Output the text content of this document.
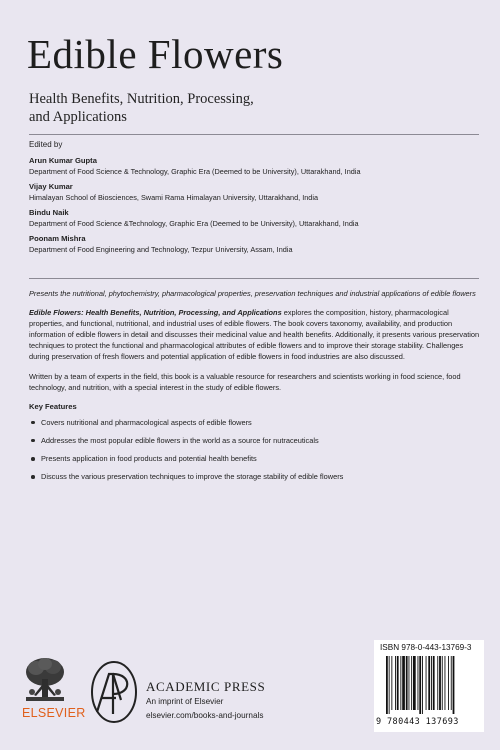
Edible Flowers
Health Benefits, Nutrition, Processing,
and Applications
Edited by
Arun Kumar Gupta
Department of Food Science & Technology, Graphic Era (Deemed to be University), Uttarakhand, India
Vijay Kumar
Himalayan School of Biosciences, Swami Rama Himalayan University, Uttarakhand, India
Bindu Naik
Department of Food Science &Technology, Graphic Era (Deemed to be University), Uttarakhand, India
Poonam Mishra
Department of Food Engineering and Technology, Tezpur University, Assam, India

Presents the nutritional, phytochemistry, pharmacological properties, preservation techniques and industrial applications of edible flowers

Edible Flowers: Health Benefits, Nutrition, Processing, and Applications explores the composition, history, pharmacological properties, and functional, nutritional, and industrial uses of edible flowers. The book covers taxonomy, availability, and production information of edible flowers in detail and discusses their medicinal value and health benefits. Additionally, it presents various preservation techniques to protect the functional and pharmacological attributes of edible flowers and to improve their storage stability. Challenges during preservation of fresh flowers and potential application of edible flowers in food industries are also discussed.

Written by a team of experts in the field, this book is a valuable resource for researchers and scientists working in food science, food technology, and nutrition, with a special interest in the study of edible flowers.

Key Features
Covers nutritional and pharmacological aspects of edible flowers
Addresses the most popular edible flowers in the world as a source for nutraceuticals
Presents application in food products and potential health benefits
Discuss the various preservation techniques to improve the storage stability of edible flowers
ELSEVIER
ACADEMIC PRESS
An imprint of Elsevier
elsevier.com/books-and-journals
ISBN 978-0-443-13769-3
9 780443 137693
